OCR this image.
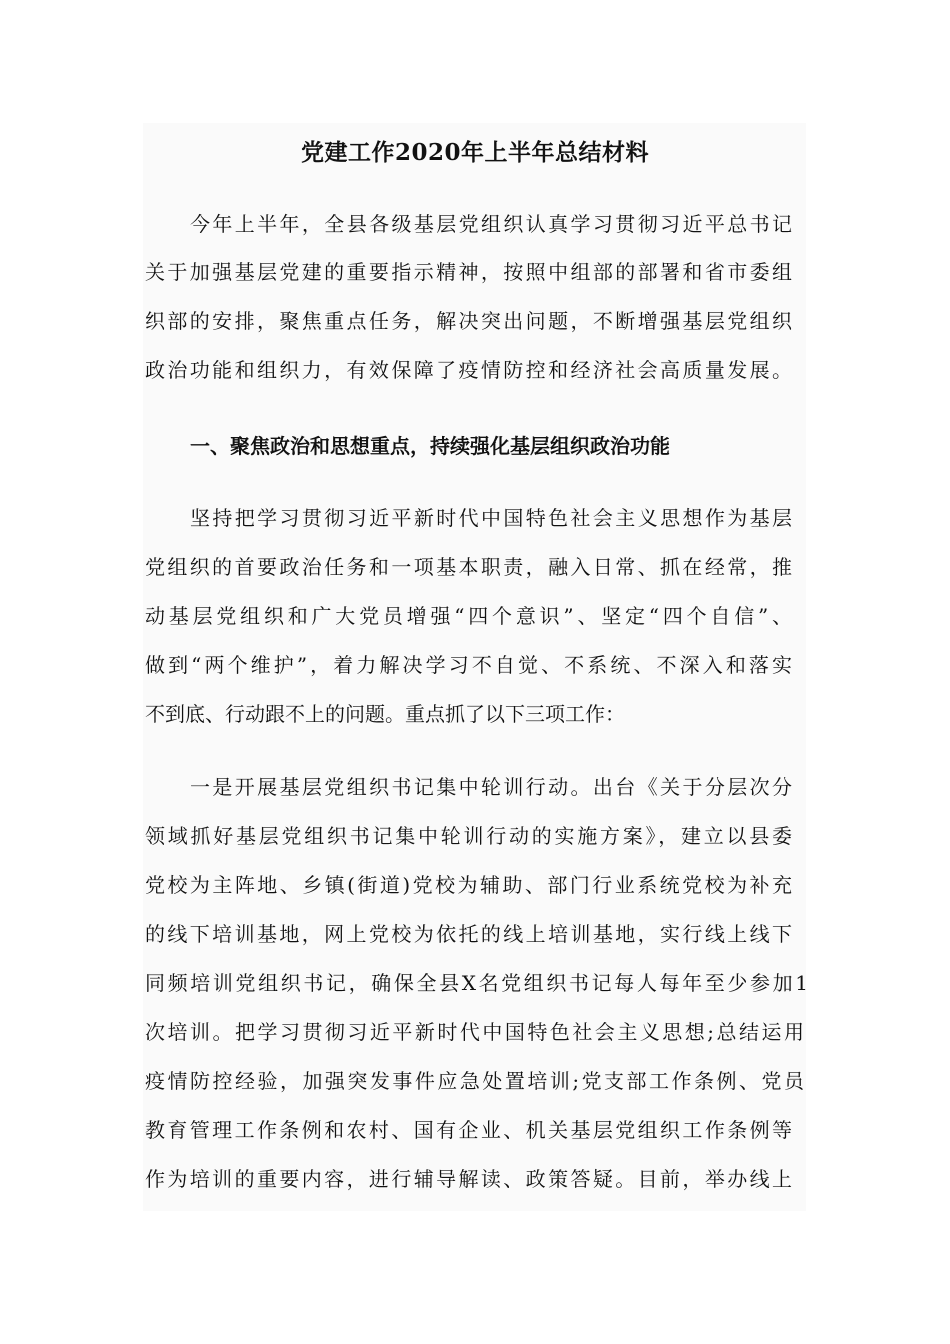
党建工作2020年上半年总结材料

今年上半年，全县各级基层党组织认真学习贯彻习近平总书记

关于加强基层党建的重要指示精神，按照中组部的部署和省市委组

织部的安排，聚焦重点任务，解决突出问题，不断增强基层党组织

政治功能和组织力，有效保障了疫情防控和经济社会高质量发展。

一、聚焦政治和思想重点，持续强化基层组织政治功能

坚持把学习贯彻习近平新时代中国特色社会主义思想作为基层

党组织的首要政治任务和一项基本职责，融入日常、抓在经常，推

动基层党组织和广大党员增强“四个意识”、坚定“四个自信”、

做到“两个维护”，着力解决学习不自觉、不系统、不深入和落实

不到底、行动跟不上的问题。重点抓了以下三项工作：

一是开展基层党组织书记集中轮训行动。出台《关于分层次分

领域抓好基层党组织书记集中轮训行动的实施方案》，建立以县委

党校为主阵地、乡镇(街道)党校为辅助、部门行业系统党校为补充

的线下培训基地，网上党校为依托的线上培训基地，实行线上线下

同频培训党组织书记，确保全县X名党组织书记每人每年至少参加1

次培训。把学习贯彻习近平新时代中国特色社会主义思想;总结运用

疫情防控经验，加强突发事件应急处置培训;党支部工作条例、党员

教育管理工作条例和农村、国有企业、机关基层党组织工作条例等

作为培训的重要内容，进行辅导解读、政策答疑。目前，举办线上
